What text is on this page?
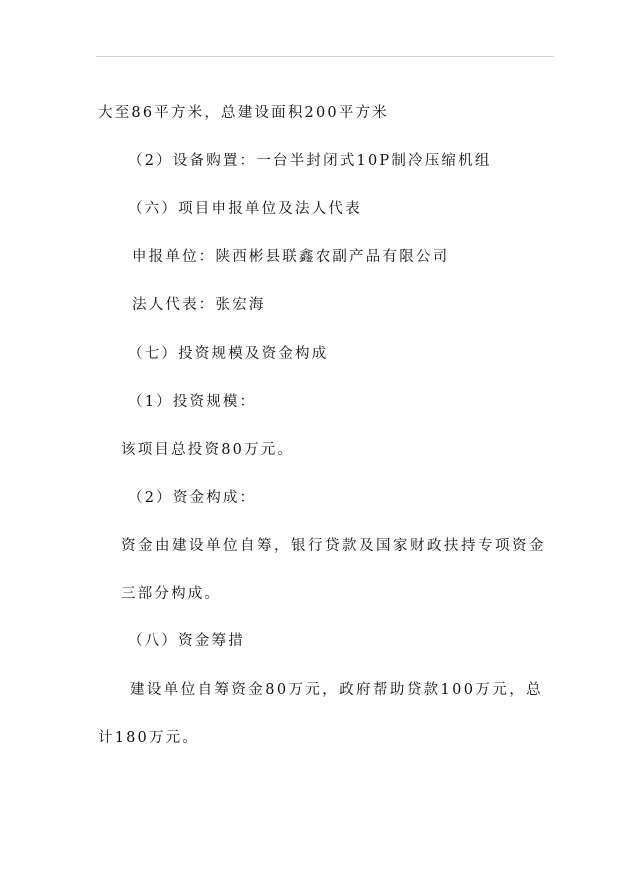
大至86平方米，总建设面积200平方米
（2）设备购置：一台半封闭式10P制冷压缩机组
（六）项目申报单位及法人代表
申报单位：陕西彬县联鑫农副产品有限公司
法人代表：张宏海
（七）投资规模及资金构成
（1）投资规模：
该项目总投资80万元。
（2）资金构成：
资金由建设单位自筹，银行贷款及国家财政扶持专项资金
三部分构成。
（八）资金筹措
建设单位自筹资金80万元，政府帮助贷款100万元，总
计180万元。
